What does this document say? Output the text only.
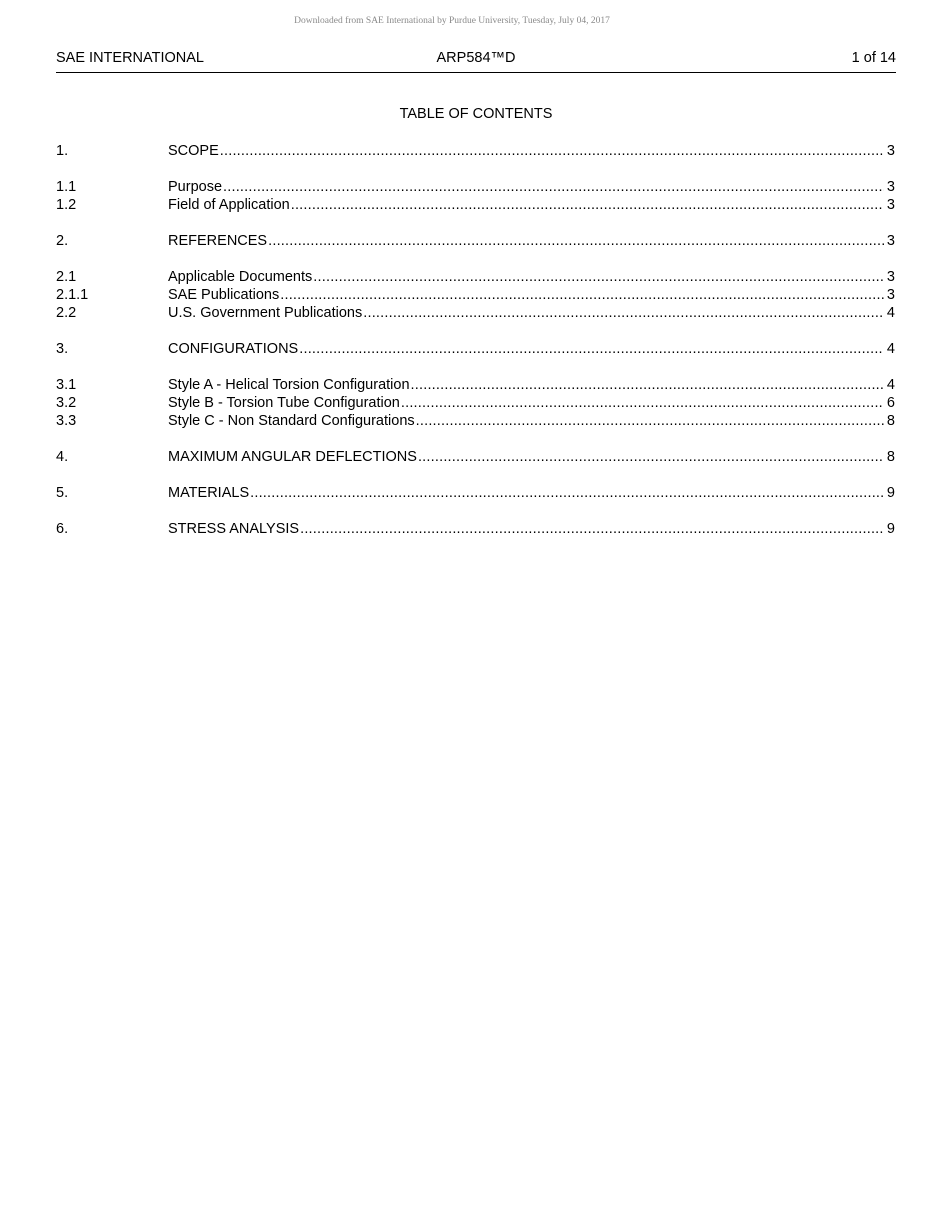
Downloaded from SAE International by Purdue University, Tuesday, July 04, 2017
SAE INTERNATIONAL	ARP584™D	1 of 14
TABLE OF CONTENTS
1.	SCOPE .....	3
1.1	Purpose .....	3
1.2	Field of Application .....	3
2.	REFERENCES .....	3
2.1	Applicable Documents .....	3
2.1.1	SAE Publications .....	3
2.2	U.S. Government Publications .....	4
3.	CONFIGURATIONS .....	4
3.1	Style A - Helical Torsion Configuration .....	4
3.2	Style B - Torsion Tube Configuration .....	6
3.3	Style C - Non Standard Configurations .....	8
4.	MAXIMUM ANGULAR DEFLECTIONS .....	8
5.	MATERIALS .....	9
6.	STRESS ANALYSIS .....	9
